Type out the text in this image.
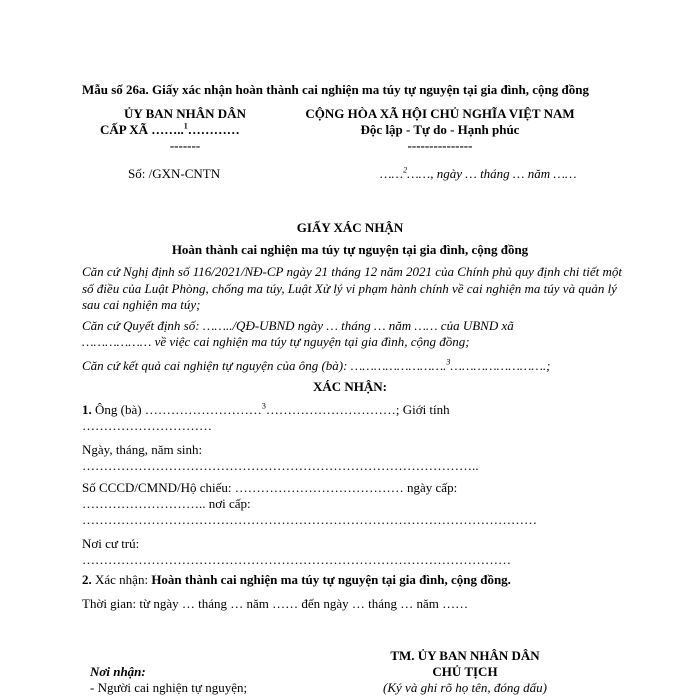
Mẫu số 26a. Giấy xác nhận hoàn thành cai nghiện ma túy tự nguyện tại gia đình, cộng đồng
ỦY BAN NHÂN DÂN
CẤP XÃ ……..$^1$…………
-------
Số: /GXN-CNTN
CỘNG HÒA XÃ HỘI CHỦ NGHĨA VIỆT NAM
Độc lập - Tự do - Hạnh phúc
---------------
……$^2$……, ngày … tháng … năm ……
GIẤY XÁC NHẬN
Hoàn thành cai nghiện ma túy tự nguyện tại gia đình, cộng đồng
Căn cứ Nghị định số 116/2021/NĐ-CP ngày 21 tháng 12 năm 2021 của Chính phủ quy định chi tiết một số điều của Luật Phòng, chống ma túy, Luật Xử lý vi phạm hành chính về cai nghiện ma túy và quản lý sau cai nghiện ma túy;
Căn cứ Quyết định số: ……../QĐ-UBND ngày … tháng … năm …… của UBND xã
……………… về việc cai nghiện ma túy tự nguyện tại gia đình, cộng đồng;
Căn cứ kết quả cai nghiện tự nguyện của ông (bà): …………………….$^3$…………………….;
XÁC NHẬN:
1. Ông (bà) ………………………$^3$…………………………; Giới tính
…………………………
Ngày, tháng, năm sinh:
………………………………………………………………………………..
Số CCCD/CMND/Hộ chiếu: ………………………………… ngày cấp:
……………………….. nơi cấp:
……………………………………………………………………………………………
Nơi cư trú:
………………………………………………………………………………………
2. Xác nhận: Hoàn thành cai nghiện ma túy tự nguyện tại gia đình, cộng đồng.
Thời gian: từ ngày … tháng … năm …… đến ngày … tháng … năm ……
TM. ỦY BAN NHÂN DÂN
CHỦ TỊCH
(Ký và ghi rõ họ tên, đóng dấu)
Nơi nhận:
- Người cai nghiện tự nguyện;
